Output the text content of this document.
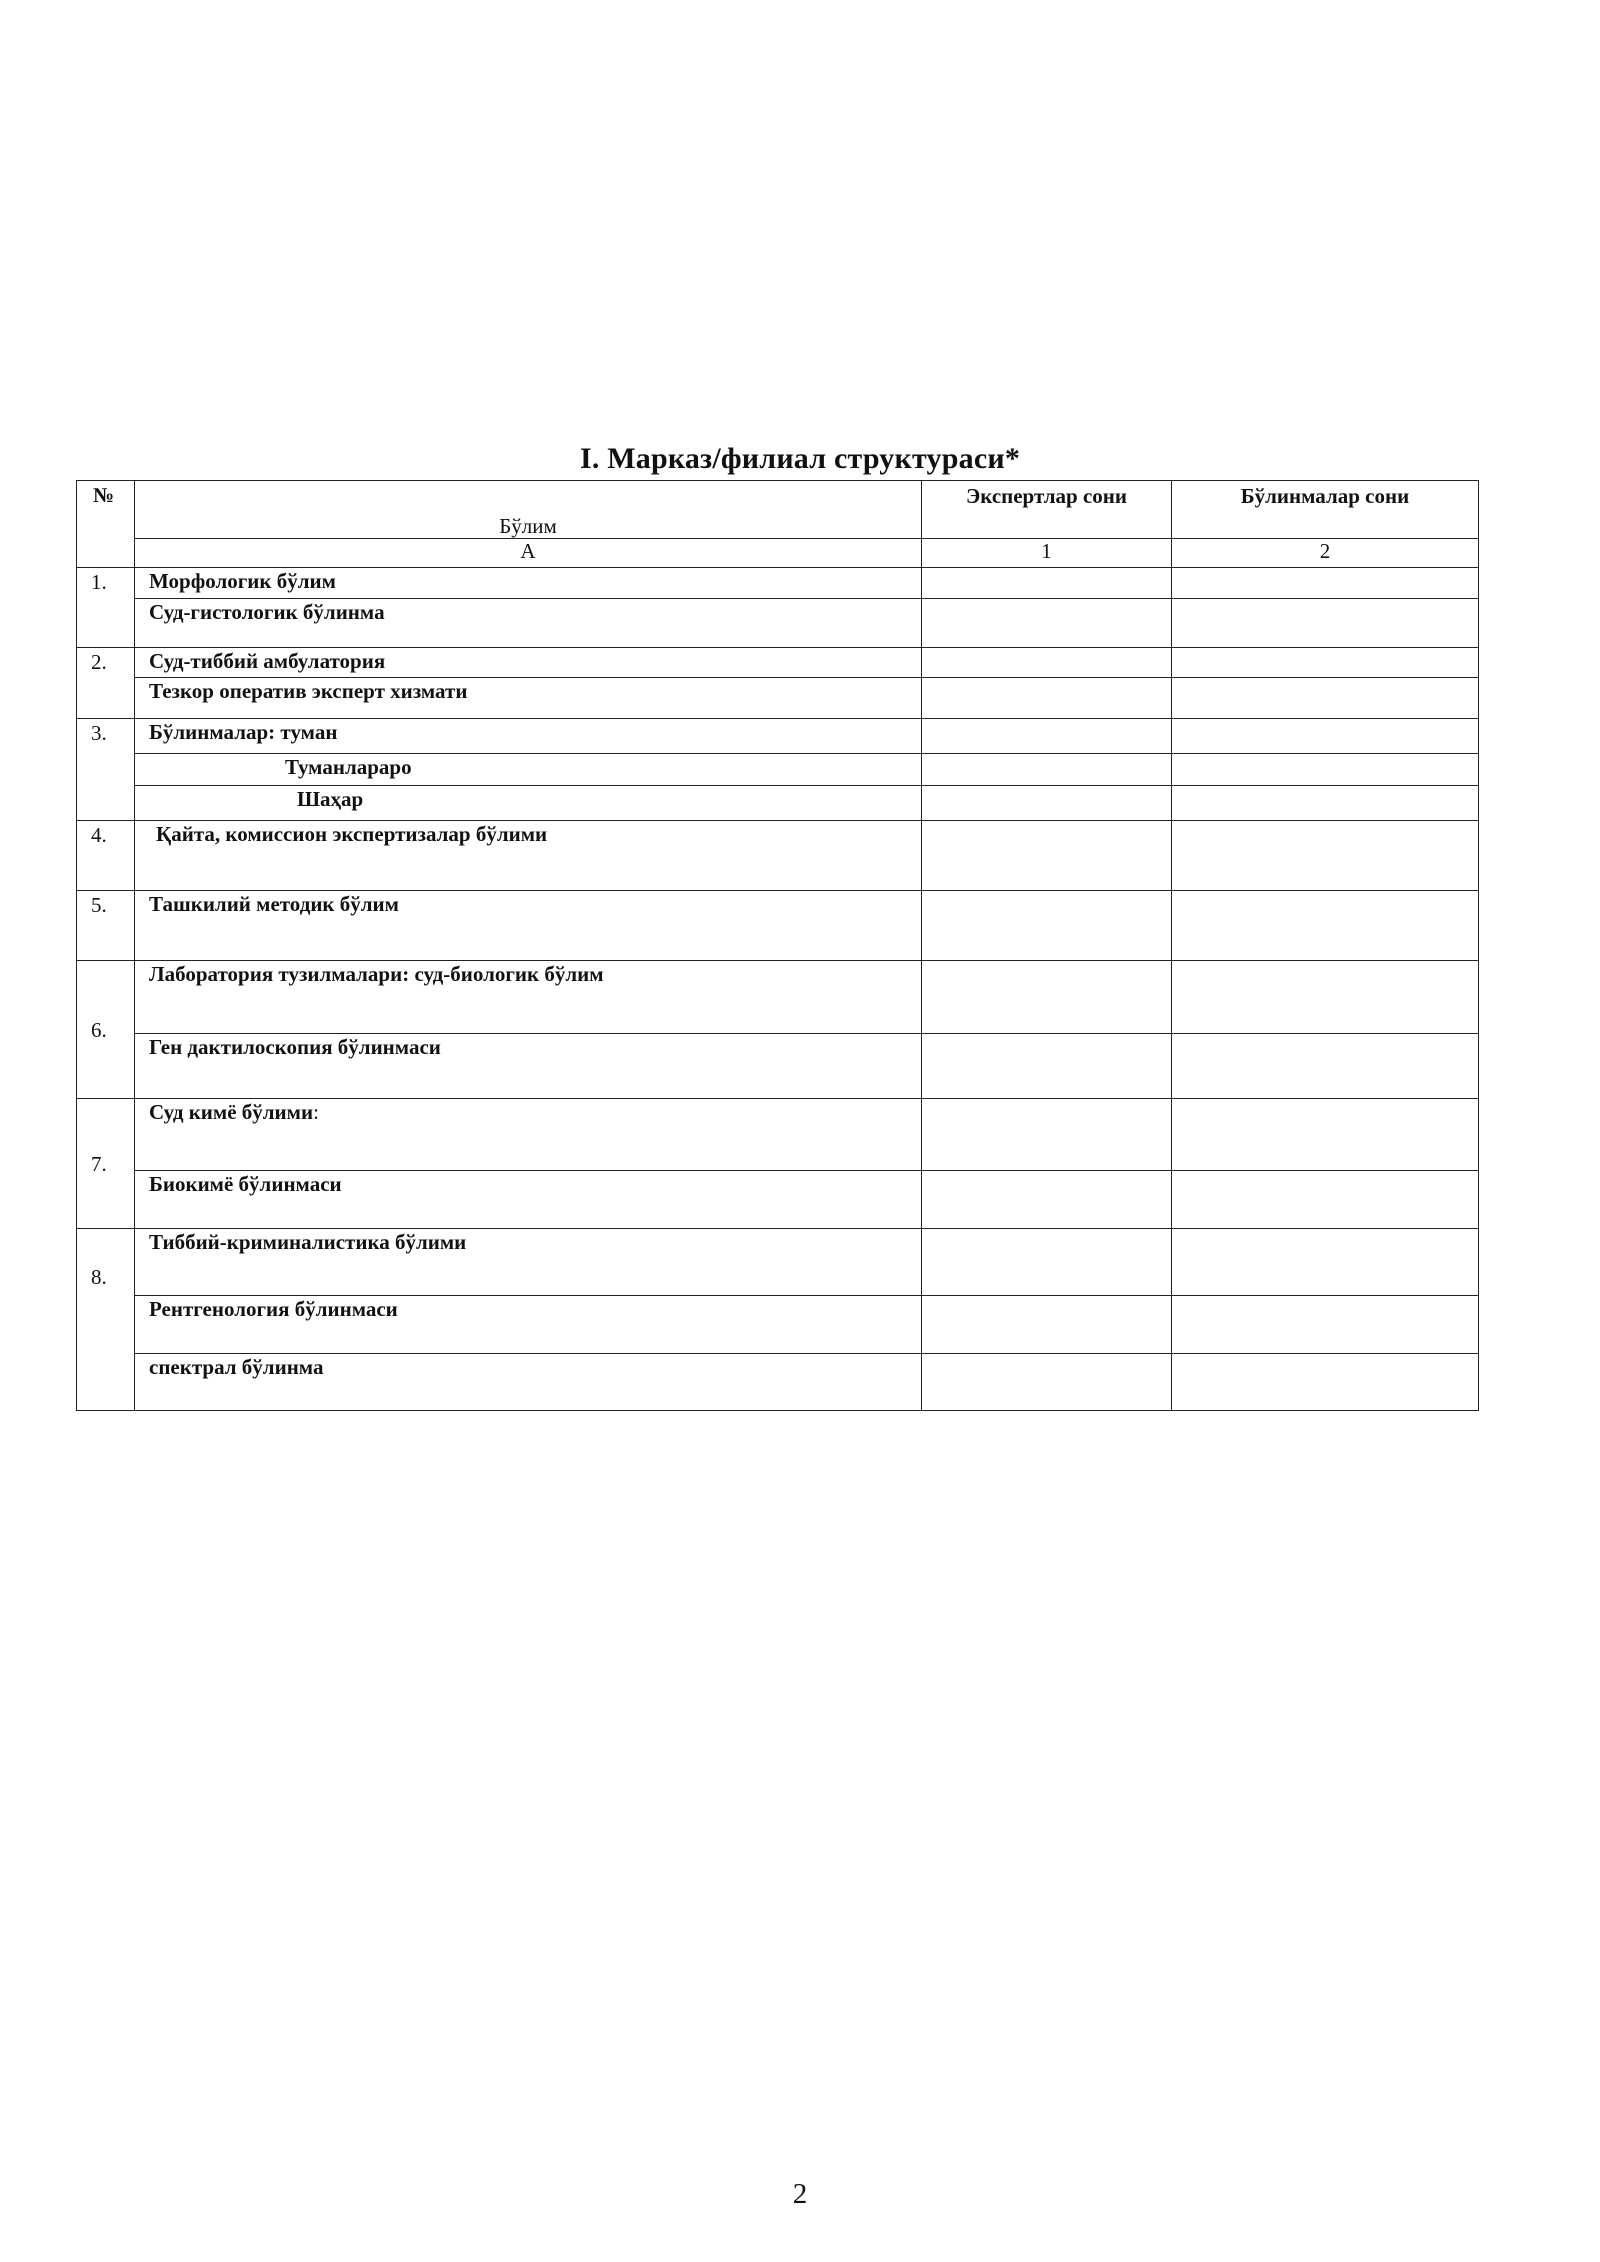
I. Марказ/филиал структураси*
№	Бўлим	Экспертлар сони	Бўлинмалар сони
	А	1	2
1.	Морфологик бўлим		
	Суд-гистологик бўлинма		
2.	Суд-тиббий амбулатория		
	Тезкор оператив эксперт хизмати		
3.	Бўлинмалар: туман		
	Туманлараро		
	Шаҳар		
4.	Қайта, комиссион экспертизалар бўлими		
5.	Ташкилий методик бўлим		
6.	Лаборатория тузилмалари: суд-биологик бўлим		
	Ген дактилоскопия бўлинмаси		
7.	Суд кимё бўлими:		
	Биокимё бўлинмаси		
8.	Тиббий-криминалистика бўлими		
	Рентгенология бўлинмаси		
	спектрал бўлинма		
2
